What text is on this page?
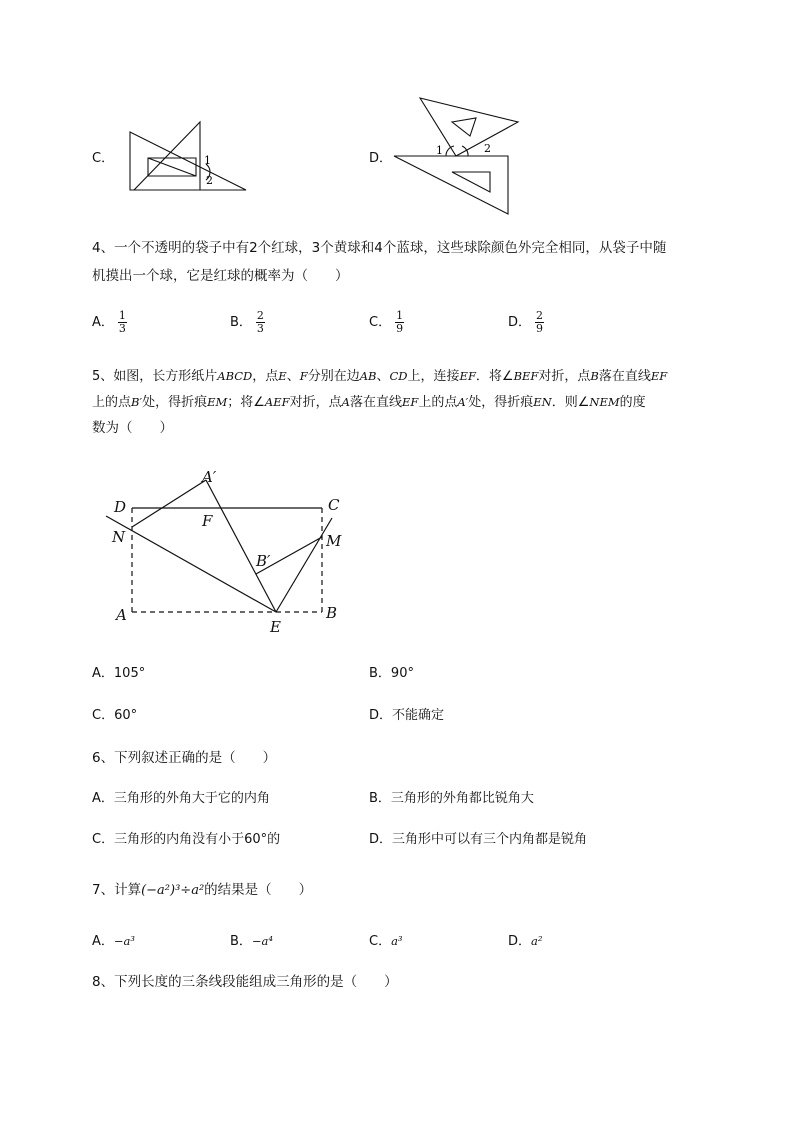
C．	1
2
D．
1	2
4、一个不透明的袋子中有2个红球，3个黄球和4个蓝球，这些球除颜色外完全相同，从袋子中随
机摸出一个球，它是红球的概率为（　　）
A． $\frac{1}{3}$	B． $\frac{2}{3}$	C． $\frac{1}{9}$	D． $\frac{2}{9}$
5、如图，长方形纸片ABCD，点E、F分别在边AB、CD上，连接EF．将∠BEF对折，点B落在直线EF
上的点B′处，得折痕EM；将∠AEF对折，点A落在直线EF上的点A′处，得折痕EN．则∠NEM的度
数为（　　）
A′
D	C
F
N	M
B′
A	B
E
A．105°	B．90°
C．60°	D．不能确定
6、下列叙述正确的是（　　）
A．三角形的外角大于它的内角	B．三角形的外角都比锐角大
C．三角形的内角没有小于60°的	D．三角形中可以有三个内角都是锐角
7、计算(−a²)³÷a²的结果是（　　）
A．−a³	B．−a⁴	C．a³	D．a²
8、下列长度的三条线段能组成三角形的是（　　）
